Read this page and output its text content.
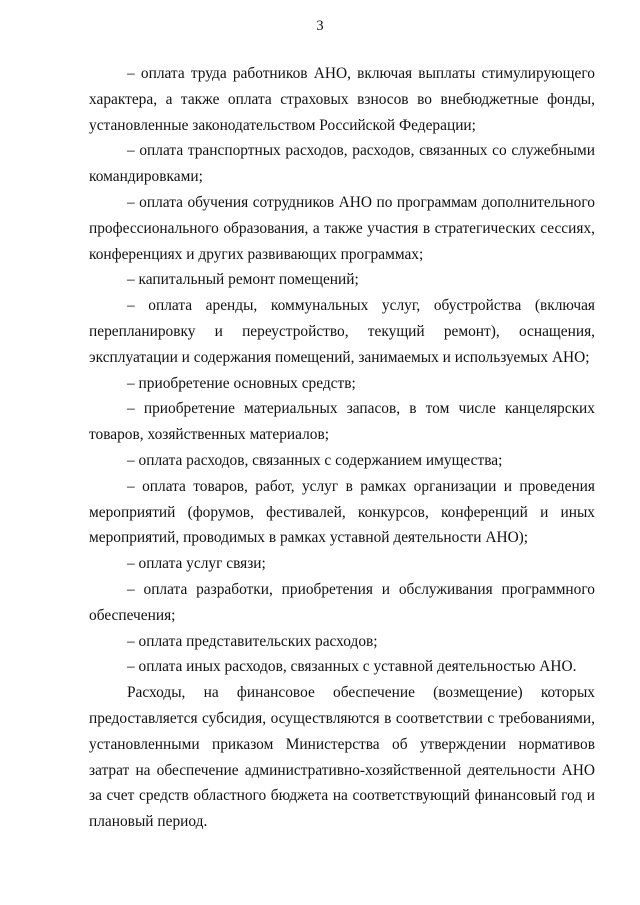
3

– оплата труда работников АНО, включая выплаты стимулирующего характера, а также оплата страховых взносов во внебюджетные фонды, установленные законодательством Российской Федерации;

– оплата транспортных расходов, расходов, связанных со служебными командировками;

– оплата обучения сотрудников АНО по программам дополнительного профессионального образования, а также участия в стратегических сессиях, конференциях и других развивающих программах;

– капитальный ремонт помещений;

– оплата аренды, коммунальных услуг, обустройства (включая перепланировку и переустройство, текущий ремонт), оснащения, эксплуатации и содержания помещений, занимаемых и используемых АНО;

– приобретение основных средств;

– приобретение материальных запасов, в том числе канцелярских товаров, хозяйственных материалов;

– оплата расходов, связанных с содержанием имущества;

– оплата товаров, работ, услуг в рамках организации и проведения мероприятий (форумов, фестивалей, конкурсов, конференций и иных мероприятий, проводимых в рамках уставной деятельности АНО);

– оплата услуг связи;

– оплата разработки, приобретения и обслуживания программного обеспечения;

– оплата представительских расходов;

– оплата иных расходов, связанных с уставной деятельностью АНО.

Расходы, на финансовое обеспечение (возмещение) которых предоставляется субсидия, осуществляются в соответствии с требованиями, установленными приказом Министерства об утверждении нормативов затрат на обеспечение административно-хозяйственной деятельности АНО за счет средств областного бюджета на соответствующий финансовый год и плановый период.
